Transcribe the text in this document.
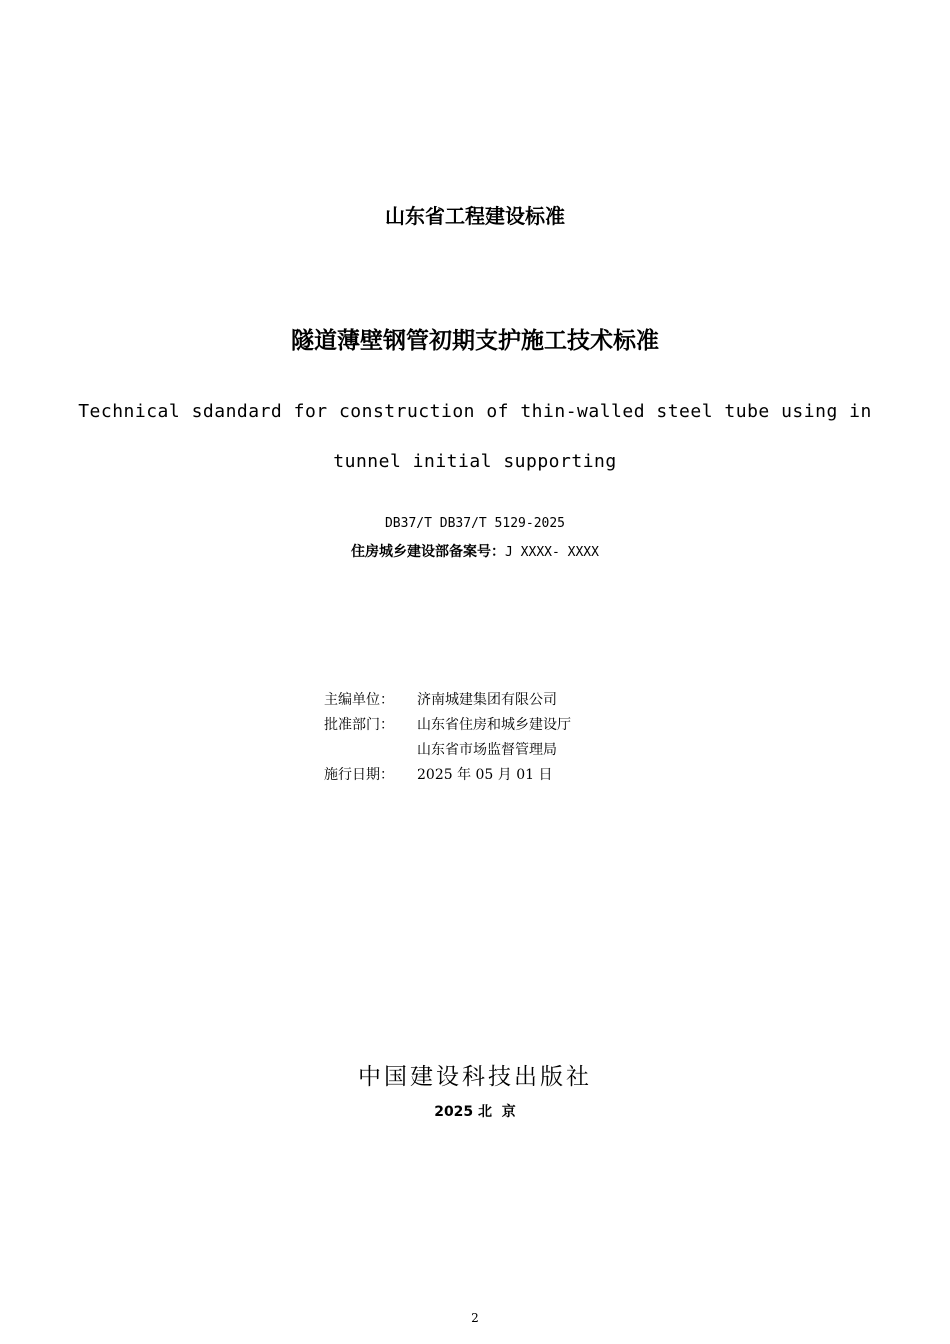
山东省工程建设标准
隧道薄壁钢管初期支护施工技术标准
Technical sdandard for construction of thin-walled steel tube using in
tunnel initial supporting
DB37/T DB37/T 5129-2025
住房城乡建设部备案号：J XXXX- XXXX
主编单位：	济南城建集团有限公司
批准部门：	山东省住房和城乡建设厅
山东省市场监督管理局
施行日期：	2025 年 05 月 01 日
中国建设科技出版社
2025 北  京
2
